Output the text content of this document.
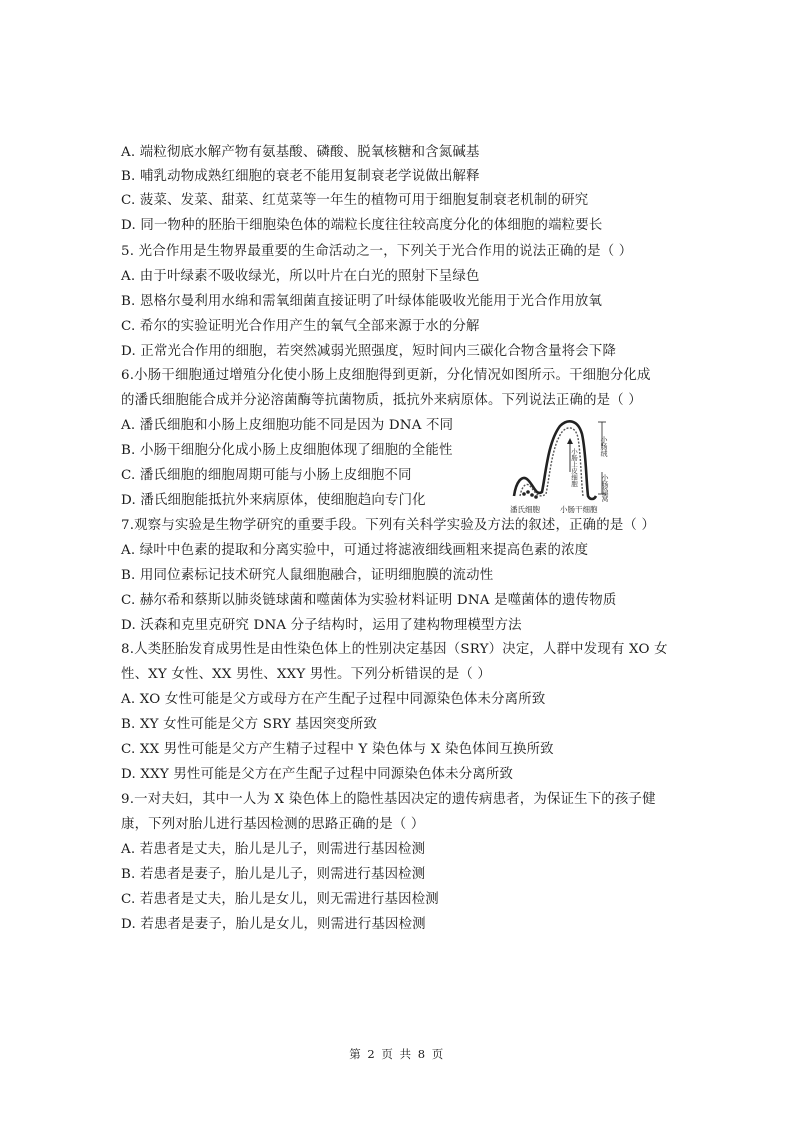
A. 端粒彻底水解产物有氨基酸、磷酸、脱氧核糖和含氮碱基
B. 哺乳动物成熟红细胞的衰老不能用复制衰老学说做出解释
C. 菠菜、发菜、甜菜、红苋菜等一年生的植物可用于细胞复制衰老机制的研究
D. 同一物种的胚胎干细胞染色体的端粒长度往往较高度分化的体细胞的端粒要长
5. 光合作用是生物界最重要的生命活动之一，下列关于光合作用的说法正确的是（ ）
A. 由于叶绿素不吸收绿光，所以叶片在白光的照射下呈绿色
B. 恩格尔曼利用水绵和需氧细菌直接证明了叶绿体能吸收光能用于光合作用放氧
C. 希尔的实验证明光合作用产生的氧气全部来源于水的分解
D. 正常光合作用的细胞，若突然减弱光照强度，短时间内三碳化合物含量将会下降
6.小肠干细胞通过增殖分化使小肠上皮细胞得到更新，分化情况如图所示。干细胞分化成
的潘氏细胞能合成并分泌溶菌酶等抗菌物质，抵抗外来病原体。下列说法正确的是（ ）
A. 潘氏细胞和小肠上皮细胞功能不同是因为 DNA 不同
B. 小肠干细胞分化成小肠上皮细胞体现了细胞的全能性
C. 潘氏细胞的细胞周期可能与小肠上皮细胞不同
D. 潘氏细胞能抵抗外来病原体，使细胞趋向专门化
小肠绒
小肠上皮细胞
小肠隐窝
潘氏细胞	小肠干细胞
7.观察与实验是生物学研究的重要手段。下列有关科学实验及方法的叙述，正确的是（ ）
A. 绿叶中色素的提取和分离实验中，可通过将滤液细线画粗来提高色素的浓度
B. 用同位素标记技术研究人鼠细胞融合，证明细胞膜的流动性
C. 赫尔希和蔡斯以肺炎链球菌和噬菌体为实验材料证明 DNA 是噬菌体的遗传物质
D. 沃森和克里克研究 DNA 分子结构时，运用了建构物理模型方法
8.人类胚胎发育成男性是由性染色体上的性别决定基因（SRY）决定，人群中发现有 XO 女
性、XY 女性、XX 男性、XXY 男性。下列分析错误的是（ ）
A. XO 女性可能是父方或母方在产生配子过程中同源染色体未分离所致
B. XY 女性可能是父方 SRY 基因突变所致
C. XX 男性可能是父方产生精子过程中 Y 染色体与 X 染色体间互换所致
D. XXY 男性可能是父方在产生配子过程中同源染色体未分离所致
9.一对夫妇，其中一人为 X 染色体上的隐性基因决定的遗传病患者，为保证生下的孩子健
康，下列对胎儿进行基因检测的思路正确的是（ ）
A. 若患者是丈夫，胎儿是儿子，则需进行基因检测
B. 若患者是妻子，胎儿是儿子，则需进行基因检测
C. 若患者是丈夫，胎儿是女儿，则无需进行基因检测
D. 若患者是妻子，胎儿是女儿，则需进行基因检测
第 2 页 共 8 页
